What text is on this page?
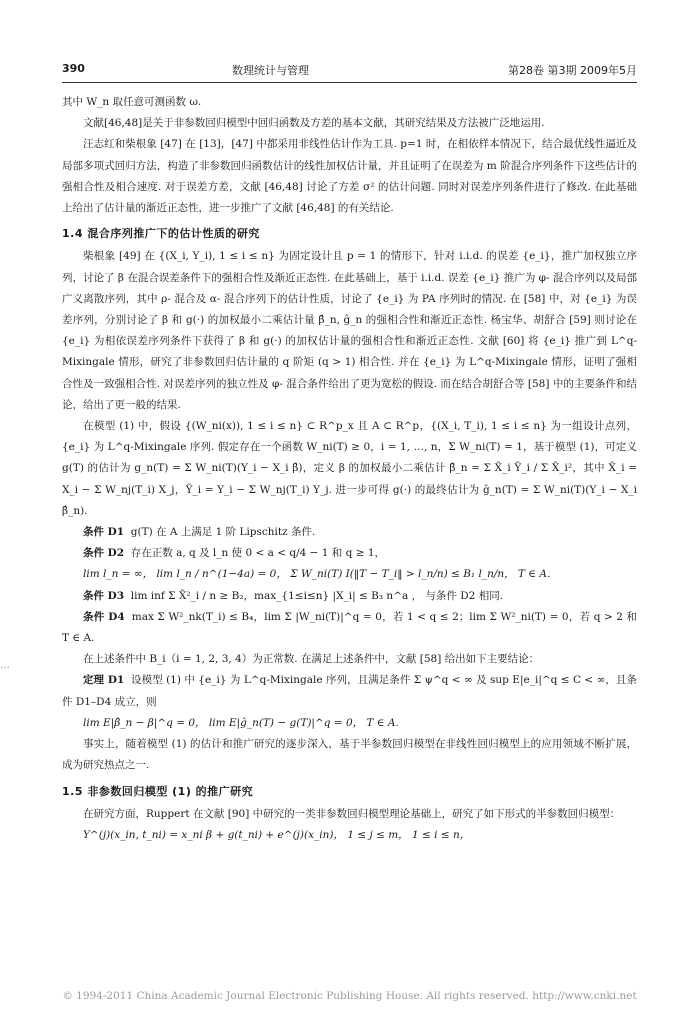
390	数理统计与管理	第28卷 第3期 2009年5月
…

其中 W_n 取任意可测函数 ω.

文献[46,48]是关于非参数回归模型中回归函数及方差的基本文献，其研究结果及方法被广泛地运用.

汪志红和柴根象 [47] 在 [13]，[47] 中都采用非线性估计作为工具. p=1 时，在相依样本情况下，结合最优线性逼近及局部多项式回归方法，构造了非参数回归函数估计的线性加权估计量，并且证明了在误差为 m 阶混合序列条件下这些估计的强相合性及相合速度. 对于误差方差，文献 [46,48] 讨论了方差 σ² 的估计问题. 同时对误差序列条件进行了修改. 在此基础上给出了估计量的渐近正态性，进一步推广了文献 [46,48] 的有关结论.

1.4 混合序列推广下的估计性质的研究

柴根象 [49] 在 {(X_i, Y_i), 1 ≤ i ≤ n} 为固定设计且 p = 1 的情形下，针对 i.i.d. 的误差 {e_i}，推广加权独立序列，讨论了 β 在混合误差条件下的强相合性及渐近正态性. 在此基础上，基于 i.i.d. 误差 {e_i} 推广为 φ- 混合序列以及局部广义离散序列，其中 ρ- 混合及 α- 混合序列下的估计性质，讨论了 {e_i} 为 PA 序列时的情况. 在 [58] 中，对 {e_i} 为误差序列，分别讨论了 β 和 g(·) 的加权最小二乘估计量 β̂_n, ĝ_n 的强相合性和渐近正态性. 杨宝华、胡舒合 [59] 则讨论在 {e_i} 为相依误差序列条件下获得了 β 和 g(·) 的加权估计量的强相合性和渐近正态性. 文献 [60] 将 {e_i} 推广到 L^q-Mixingale 情形，研究了非参数回归估计量的 q 阶矩 (q > 1) 相合性. 并在 {e_i} 为 L^q-Mixingale 情形，证明了强相合性及一致强相合性. 对误差序列的独立性及 φ- 混合条件给出了更为宽松的假设. 而在结合胡舒合等 [58] 中的主要条件和结论，给出了更一般的结果.

在模型 (1) 中，假设 {(W_ni(x)), 1 ≤ i ≤ n} ⊂ R^p_x 且 A ⊂ R^p，{(X_i, T_i), 1 ≤ i ≤ n} 为一组设计点列，{e_i} 为 L^q-Mixingale 序列. 假定存在一个函数 W_ni(T) ≥ 0，i = 1, …, n，Σ W_ni(T) = 1，基于模型 (1)，可定义 g(T) 的估计为 g_n(T) = Σ W_ni(T)(Y_i − X_i β̂)，定义 β 的加权最小二乘估计 β̂_n = Σ X̃_i Ỹ_i / Σ X̃_i²，其中 X̃_i = X_i − Σ W_nj(T_i) X_j，Ỹ_i = Y_i − Σ W_nj(T_i) Y_j. 进一步可得 g(·) 的最终估计为 ĝ_n(T) = Σ W_ni(T)(Y_i − X_i β̂_n).

条件 D1 g(T) 在 A 上满足 1 阶 Lipschitz 条件.

条件 D2 存在正数 a, q 及 l_n 使 0 < a < q/4 − 1 和 q ≥ 1，

lim l_n = ∞， lim l_n / n^(1−4a) = 0， Σ W_ni(T) I(‖T − T_i‖ > l_n/n) ≤ B₁ l_n/n， T ∈ A.

条件 D3 lim inf Σ X̃²_i / n ≥ B₂，max_{1≤i≤n} |X_i| ≤ B₃ n^a ， 与条件 D2 相同.

条件 D4 max Σ W²_nk(T_i) ≤ B₄，lim Σ |W_ni(T)|^q = 0，若 1 < q ≤ 2；lim Σ W²_ni(T) = 0，若 q > 2 和 T ∈ A.

在上述条件中 B_i（i = 1, 2, 3, 4）为正常数. 在满足上述条件中，文献 [58] 给出如下主要结论：

定理 D1 设模型 (1) 中 {e_i} 为 L^q-Mixingale 序列，且满足条件 Σ ψ^q < ∞ 及 sup E|e_i|^q ≤ C < ∞，且条件 D1–D4 成立，则

lim E|β̂_n − β|^q = 0， lim E|ĝ_n(T) − g(T)|^q = 0， T ∈ A.

事实上，随着模型 (1) 的估计和推广研究的逐步深入，基于半参数回归模型在非线性回归模型上的应用领域不断扩展，成为研究热点之一.

1.5 非参数回归模型 (1) 的推广研究

在研究方面，Ruppert 在文献 [90] 中研究的一类非参数回归模型理论基础上，研究了如下形式的半参数回归模型：

Y^(j)(x_in, t_ni) = x_ni β + g(t_ni) + e^(j)(x_in)， 1 ≤ j ≤ m， 1 ≤ i ≤ n，

© 1994-2011 China Academic Journal Electronic Publishing House. All rights reserved. http://www.cnki.net
